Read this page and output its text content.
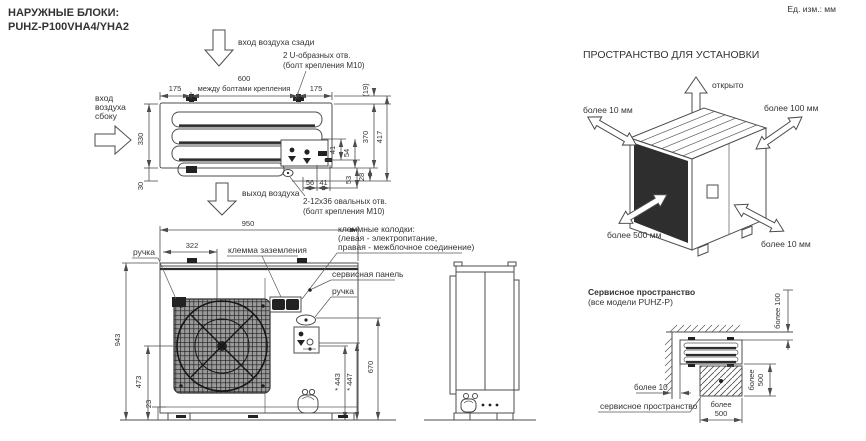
НАРУЖНЫЕ БЛОКИ:
PUHZ-P100VHA4/YHA2
Ед. изм.: мм
вход воздуха сзади
вход
воздуха
сбоку
2 U-образных отв.
(болт крепления М10)
2-12x36 овальных отв.
(болт крепления М10)
175
600
между болтами крепления	175
330
30
(19)
370 417
41 54
53 28
56 41
выход воздуха
950
322
ручка	клемма заземления
клеммные колодки:
(левая - электропитание,
правая - межблочное соединение)
сервисная панель
ручка
* 443 * 447
670
943
473
23
ПРОСТРАНСТВО ДЛЯ УСТАНОВКИ
открыто
более 10 мм	более 100 мм
более 500 мм
более 10 мм
Сервисное пространство
(все модели PUHZ-P)	более 100
более 500
более 10
более
500
сервисное пространство
